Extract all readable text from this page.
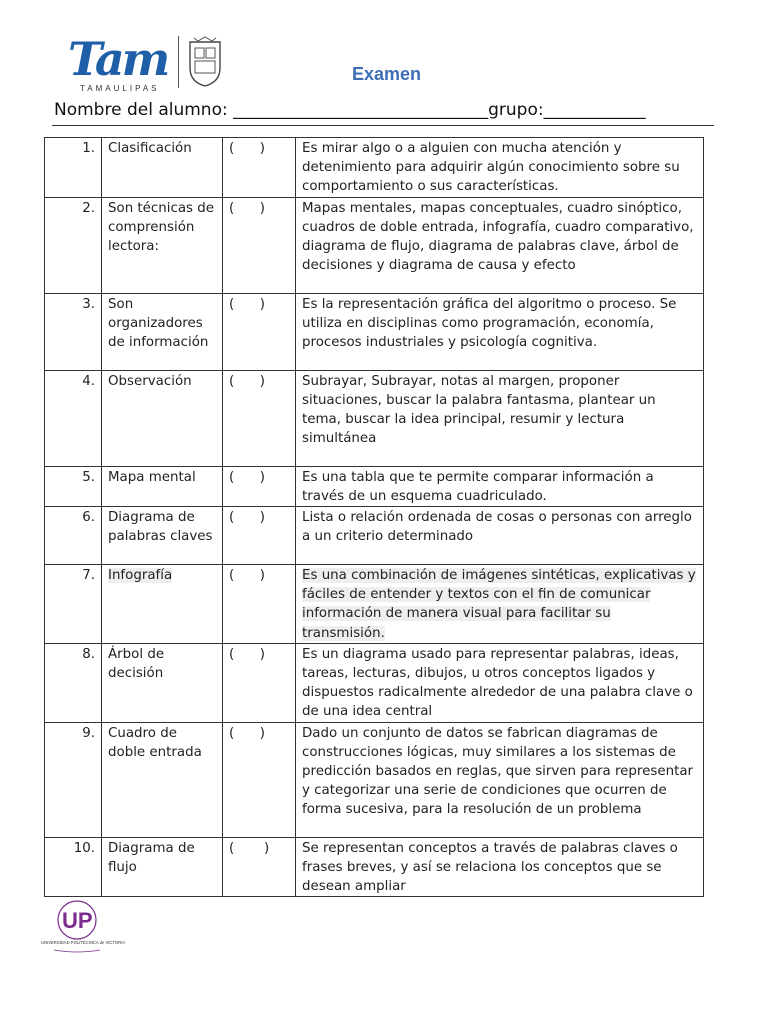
Tam
TAMAULIPAS
Examen
Nombre del alumno: ______________________________grupo:____________
1.	Clasificación	(      )	Es mirar algo o a alguien con mucha atención y detenimiento para adquirir algún conocimiento sobre su comportamiento o sus características.
2.	Son técnicas de comprensión lectora:	(      )	Mapas mentales, mapas conceptuales, cuadro sinóptico, cuadros de doble entrada, infografía, cuadro comparativo, diagrama de flujo, diagrama de palabras clave, árbol de decisiones y diagrama de causa y efecto
3.	Son organizadores de información	(      )	Es la representación gráfica del algoritmo o proceso. Se utiliza en disciplinas como programación, economía, procesos industriales y psicología cognitiva.
4.	Observación	(      )	Subrayar, Subrayar, notas al margen, proponer situaciones, buscar la palabra fantasma, plantear un tema, buscar la idea principal, resumir y lectura simultánea
5.	Mapa mental	(      )	Es una tabla que te permite comparar información a través de un esquema cuadriculado.
6.	Diagrama de palabras claves	(      )	Lista o relación ordenada de cosas o personas con arreglo a un criterio determinado
7.	Infografía	(      )	Es una combinación de imágenes sintéticas, explicativas y fáciles de entender y textos con el fin de comunicar información de manera visual para facilitar su transmisión.
8.	Árbol de decisión	(      )	Es un diagrama usado para representar palabras, ideas, tareas, lecturas, dibujos, u otros conceptos ligados y dispuestos radicalmente alrededor de una palabra clave o de una idea central
9.	Cuadro de doble entrada	(      )	Dado un conjunto de datos se fabrican diagramas de construcciones lógicas, muy similares a los sistemas de predicción basados en reglas, que sirven para representar y categorizar una serie de condiciones que ocurren de forma sucesiva, para la resolución de un problema
10.	Diagrama de flujo	(       )	Se representan conceptos a través de palabras claves o frases breves, y así se relaciona los conceptos que se desean ampliar
UP
UNIVERSIDAD POLITÉCNICA de VICTORIA
